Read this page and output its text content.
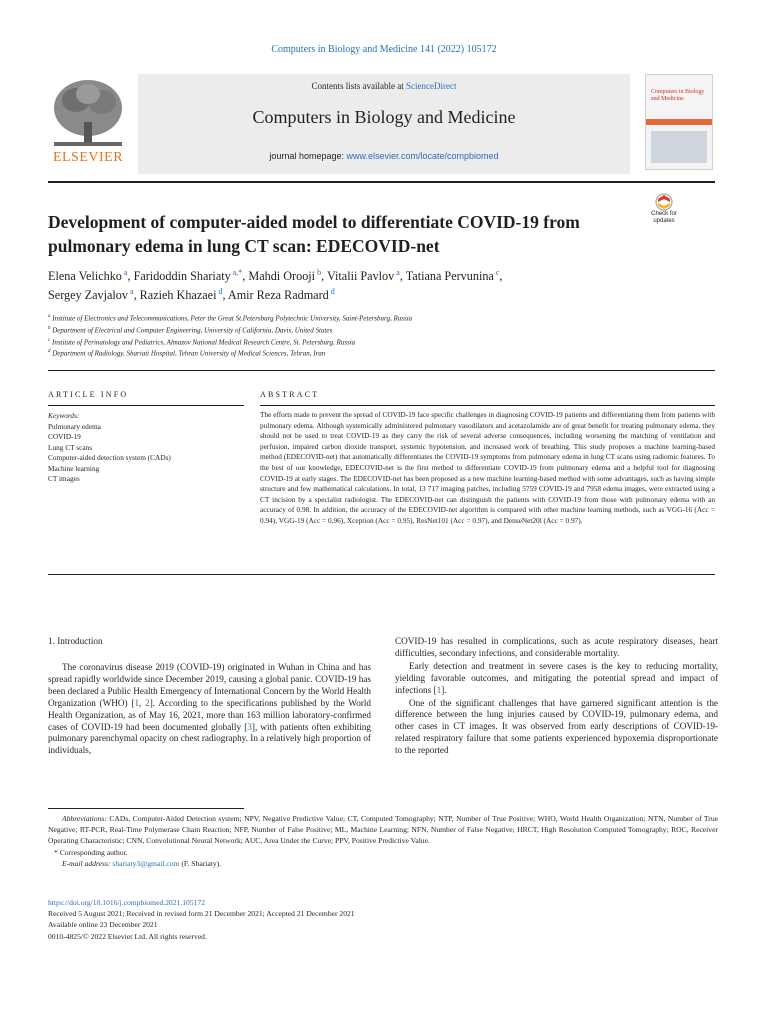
Computers in Biology and Medicine 141 (2022) 105172
ELSEVIER
Contents lists available at ScienceDirect
Computers in Biology and Medicine
journal homepage: www.elsevier.com/locate/compbiomed
Computers in Biology and Medicine
Development of computer-aided model to differentiate COVID-19 from pulmonary edema in lung CT scan: EDECOVID-net
Check for updates
Elena Velichko $^a$, Faridoddin Shariaty $^{a,*}$, Mahdi Orooji $^b$, Vitalii Pavlov $^a$, Tatiana Pervunina $^c$,
Sergey Zavjalov $^a$, Razieh Khazaei $^d$, Amir Reza Radmard $^d$
$^a$ Institute of Electronics and Telecommunications, Peter the Great St.Petersburg Polytechnic University, Saint-Petersburg, Russia
$^b$ Department of Electrical and Computer Engineering, University of California, Davis, United States
$^c$ Institute of Perinatology and Pediatrics, Almazov National Medical Research Centre, St. Petersburg, Russia
$^d$ Department of Radiology, Shariati Hospital, Tehran University of Medical Sciences, Tehran, Iran
ARTICLE INFO	ABSTRACT
Keywords:
Pulmonary edema
COVID-19
Lung CT scans
Computer-aided detection system (CADs)
Machine learning
CT images
The efforts made to prevent the spread of COVID-19 face specific challenges in diagnosing COVID-19 patients and differentiating them from patients with pulmonary edema. Although systemically administered pulmonary vasodilators and acetazolamide are of great benefit for treating pulmonary edema, they should not be used to treat COVID-19 as they carry the risk of several adverse consequences, including worsening the matching of ventilation and perfusion, impaired carbon dioxide transport, systemic hypotension, and increased work of breathing. This study proposes a machine learning-based method (EDECOVID-net) that automatically differentiates the COVID-19 symptoms from pulmonary edema in lung CT scans using radiomic features. To the best of our knowledge, EDECOVID-net is the first method to differentiate COVID-19 from pulmonary edema and a helpful tool for diagnosing COVID-19 at early stages. The EDECOVID-net has been proposed as a new machine learning-based method with some advantages, such as having simple structure and few mathematical calculations. In total, 13 717 imaging patches, including 5759 COVID-19 and 7958 edema images, were extracted using a CT incision by a specialist radiologist. The EDECOVID-net can distinguish the patients with COVID-19 from those with pulmonary edema with an accuracy of 0.98. In addition, the accuracy of the EDECOVID-net algorithm is compared with other machine learning methods, such as VGG-16 (Acc = 0.94), VGG-19 (Acc = 0.96), Xception (Acc = 0.95), ResNet101 (Acc = 0.97), and DenseNet20l (Acc = 0.97).
1. Introduction

The coronavirus disease 2019 (COVID-19) originated in Wuhan in China and has spread rapidly worldwide since December 2019, causing a global panic. COVID-19 has been declared a Public Health Emergency of International Concern by the World Health Organization (WHO) [1, 2]. According to the specifications published by the World Health Organization, as of May 16, 2021, more than 163 million laboratory-confirmed cases of COVID-19 had been documented globally [3], with patients often exhibiting pulmonary parenchymal opacity on chest radiography. In a relatively high proportion of individuals,

COVID-19 has resulted in complications, such as acute respiratory diseases, heart difficulties, secondary infections, and considerable mortality.

Early detection and treatment in severe cases is the key to reducing mortality, yielding favorable outcomes, and mitigating the potential spread and impact of infections [1].

One of the significant challenges that have garnered significant attention is the difference between the lung injuries caused by COVID-19, pulmonary edema, and other cases in CT images. It was observed from early descriptions of COVID-19-related respiratory failure that some patients experienced hypoxemia disproportionate to the reported

Abbreviations: CADs, Computer-Aided Detection system; NPV, Negative Predictive Value; CT, Computed Tomography; NTP, Number of True Positive; WHO, World Health Organization; NTN, Number of True Negative; RT-PCR, Real-Time Polymerase Chain Reaction; NFP, Number of False Positive; ML, Machine Learning; NFN, Number of False Negative; HRCT, High Resolution Computed Tomography; ROC, Receiver Operating Characteristic; CNN, Convolutional Neural Network; AUC, Area Under the Curve; PPV, Positive Predictive Value.
* Corresponding author.
E-mail address: shariaty3@gmail.com (F. Shariaty).
https://doi.org/10.1016/j.compbiomed.2021.105172
Received 5 August 2021; Received in revised form 21 December 2021; Accepted 21 December 2021
Available online 23 December 2021
0010-4825/© 2022 Elsevier Ltd. All rights reserved.
